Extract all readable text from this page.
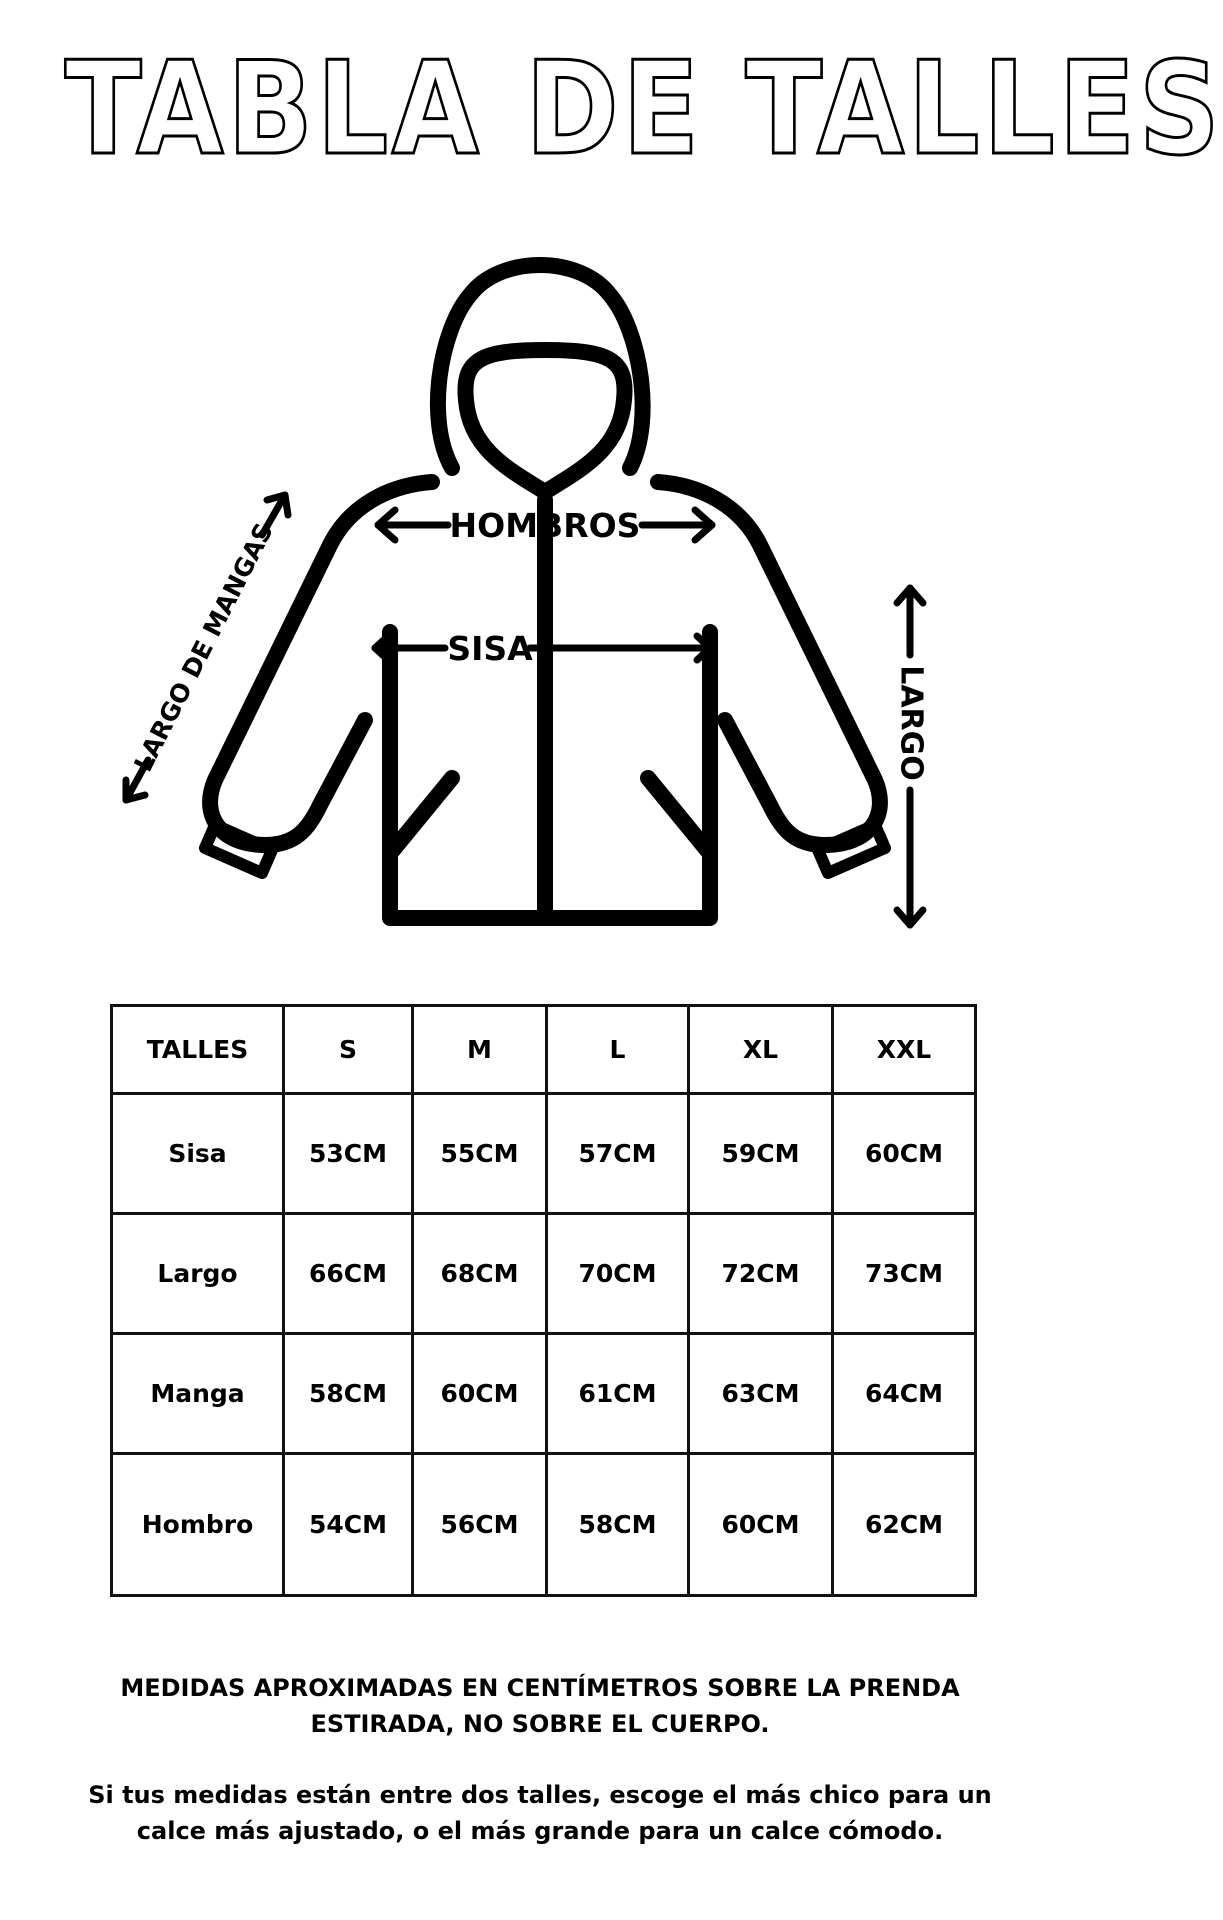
TABLA DE TALLES
HOMBROS
SISA
LARGO
LARGO DE MANGAS
TALLES	S	M	L	XL	XXL
Sisa	53CM	55CM	57CM	59CM	60CM
Largo	66CM	68CM	70CM	72CM	73CM
Manga	58CM	60CM	61CM	63CM	64CM
Hombro	54CM	56CM	58CM	60CM	62CM

MEDIDAS APROXIMADAS EN CENTÍMETROS SOBRE LA PRENDA ESTIRADA, NO SOBRE EL CUERPO.

Si tus medidas están entre dos talles, escoge el más chico para un calce más ajustado, o el más grande para un calce cómodo.
